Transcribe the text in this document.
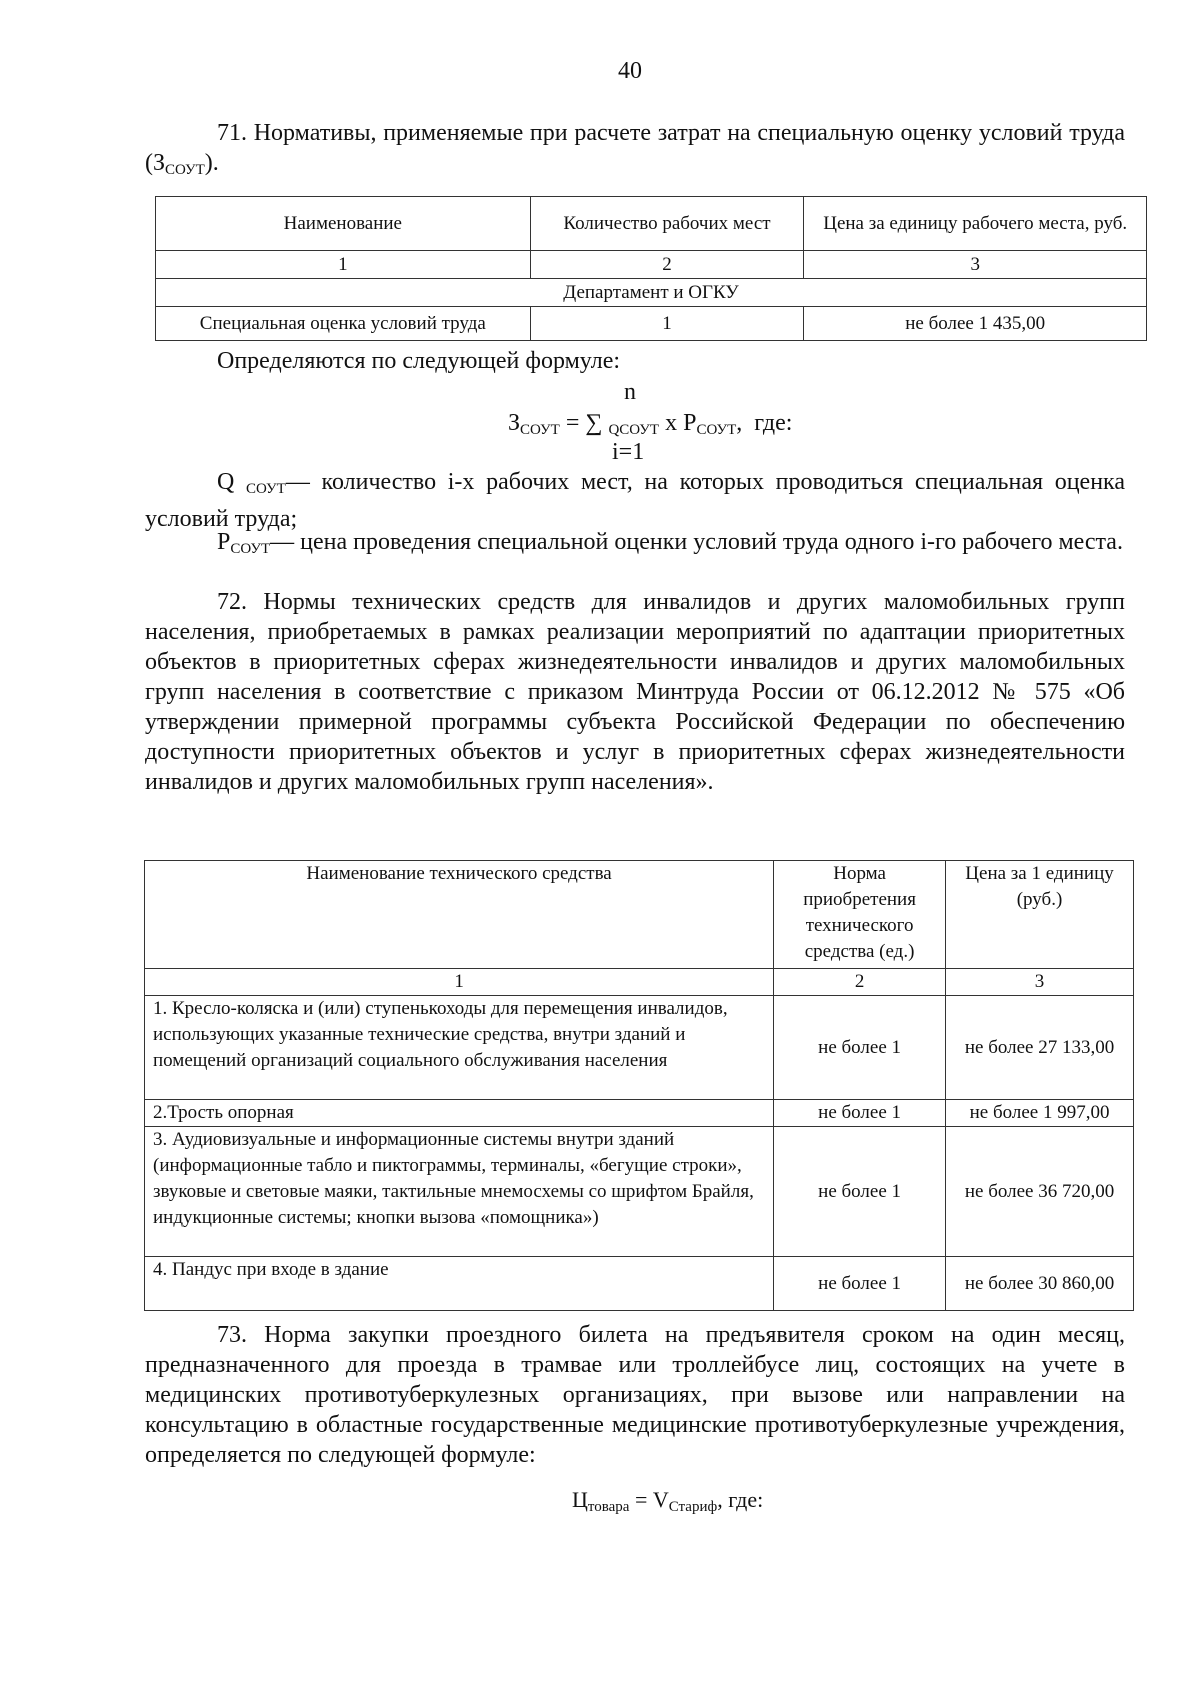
40

71. Нормативы, применяемые при расчете затрат на специальную оценку условий труда $(З_{СОУТ})$.

Наименование	Количество рабочих мест	Цена за единицу рабочего места, руб.
1	2	3
Департамент и ОГКУ		
Специальная оценка условий труда	1	не более 1 435,00

Определяются по следующей формуле:

n
$З_{СОУТ}$ = ∑ $_{QСОУТ}$ х $Р_{СОУТ}$,  где:
i=1

Q $_{СОУТ}$— количество i-х рабочих мест, на которых проводиться специальная оценка условий труда;

$Р_{СОУТ}—$ цена проведения специальной оценки условий труда одного i-го рабочего места.

72. Нормы технических средств для инвалидов и других маломобильных групп населения, приобретаемых в рамках реализации мероприятий по адаптации приоритетных объектов в приоритетных сферах жизнедеятельности инвалидов и других маломобильных групп населения в соответствие с приказом Минтруда России от 06.12.2012 № 575 «Об утверждении примерной программы субъекта Российской Федерации по обеспечению доступности приоритетных объектов и услуг в приоритетных сферах жизнедеятельности инвалидов и других маломобильных групп населения».

Наименование технического средства	Норма приобретения технического средства (ед.)	Цена за 1 единицу (руб.)
1	2	3
1. Кресло-коляска и (или) ступенькоходы для перемещения инвалидов, использующих указанные технические средства, внутри зданий и помещений организаций социального обслуживания населения	не более 1	не более 27 133,00
2.Трость опорная	не более 1	не более 1 997,00
3. Аудиовизуальные и информационные системы внутри зданий (информационные табло и пиктограммы, терминалы, «бегущие строки», звуковые и световые маяки, тактильные мнемосхемы со шрифтом Брайля, индукционные системы; кнопки вызова «помощника»)	не более 1	не более 36 720,00
4. Пандус при входе в здание	не более 1	не более 30 860,00

73. Норма закупки проездного билета на предъявителя сроком на один месяц, предназначенного для проезда в трамвае или троллейбусе лиц, состоящих на учете в медицинских противотуберкулезных организациях, при вызове или направлении на консультацию в областные государственные медицинские противотуберкулезные учреждения, определяется по следующей формуле:

$Ц_{товара} = V_{Стариф}$, где:
